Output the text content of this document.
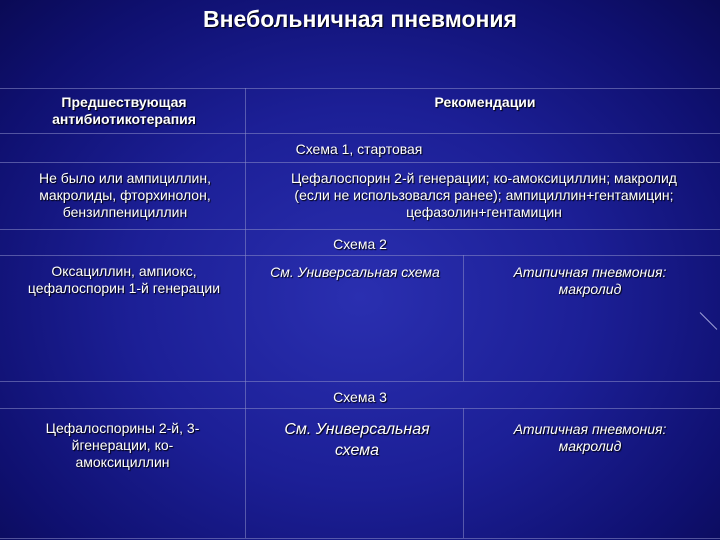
Внебольничная пневмония
Предшествующая антибиотикотерапия
Рекомендации
Схема 1, стартовая
Не было или ампициллин, макролиды, фторхинолон, бензилпенициллин
Цефалоспорин 2-й генерации; ко-амоксициллин; макролид (если не использовался ранее); ампициллин+гентамицин; цефазолин+гентамицин
Схема 2
Оксациллин, ампиокс, цефалоспорин 1-й генерации
См. Универсальная схема	Атипичная пневмония: макролид
Схема 3
Цефалоспорины 2-й, 3-йгенерации, ко-амоксициллин
См. Универсальная схема
Атипичная пневмония: макролид
